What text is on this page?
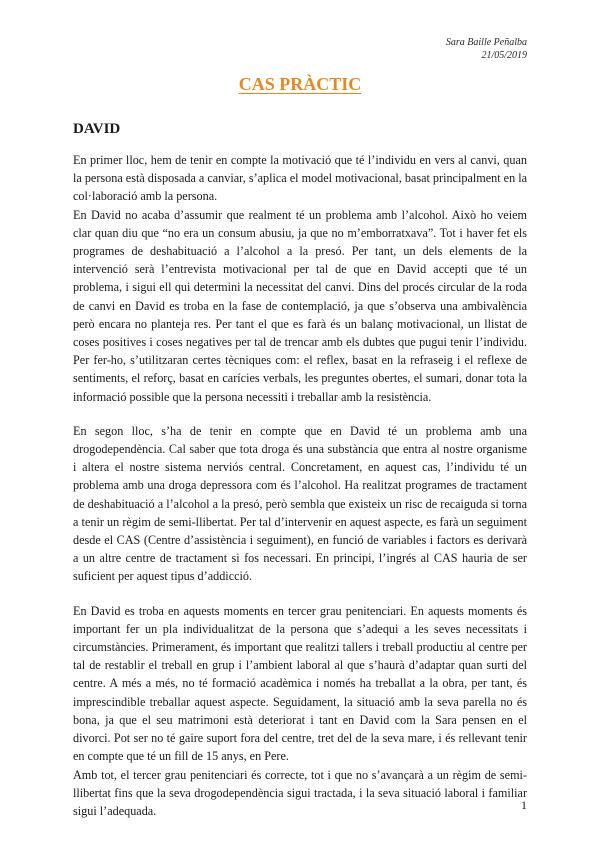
Sara Baille Peñalba
21/05/2019
CAS PRÀCTIC
DAVID

En primer lloc, hem de tenir en compte la motivació que té l’individu en vers al canvi, quan la persona està disposada a canviar, s’aplica el model motivacional, basat principalment en la col·laboració amb la persona.

En David no acaba d’assumir que realment té un problema amb l’alcohol. Això ho veiem clar quan diu que “no era un consum abusiu, ja que no m’emborratxava”. Tot i haver fet els programes de deshabituació a l’alcohol a la presó. Per tant, un dels elements de la intervenció serà l’entrevista motivacional per tal de que en David accepti que té un problema, i sigui ell qui determini la necessitat del canvi. Dins del procés circular de la roda de canvi en David es troba en la fase de contemplació, ja que s’observa una ambivalència però encara no planteja res. Per tant el que es farà és un balanç motivacional, un llistat de coses positives i coses negatives per tal de trencar amb els dubtes que pugui tenir l’individu. Per fer-ho, s’utilitzaran certes tècniques com: el reflex, basat en la refraseig i el reflexe de sentiments, el reforç, basat en carícies verbals, les preguntes obertes, el sumari, donar tota la informació possible que la persona necessiti i treballar amb la resistència.

En segon lloc, s’ha de tenir en compte que en David té un problema amb una drogodependència. Cal saber que tota droga és una substància que entra al nostre organisme i altera el nostre sistema nerviós central. Concretament, en aquest cas, l’individu té un problema amb una droga depressora com és l’alcohol. Ha realitzat programes de tractament de deshabituació a l’alcohol a la presó, però sembla que existeix un risc de recaiguda si torna a tenir un règim de semi-llibertat. Per tal d’intervenir en aquest aspecte, es farà un seguiment desde el CAS (Centre d’assistència i seguiment), en funció de variables i factors es derivarà a un altre centre de tractament si fos necessari. En principi, l’ingrés al CAS hauria de ser suficient per aquest tipus d’addicció.

En David es troba en aquests moments en tercer grau penitenciari. En aquests moments és important fer un pla individualitzat de la persona que s’adequi a les seves necessitats i circumstàncies. Primerament, és important que realitzi tallers i treball productiu al centre per tal de restablir el treball en grup i l’ambient laboral al que s’haurà d’adaptar quan surti del centre. A més a més, no té formació acadèmica i només ha treballat a la obra, per tant, és imprescindible treballar aquest aspecte. Seguidament, la situació amb la seva parella no és bona, ja que el seu matrimoni està deteriorat i tant en David com la Sara pensen en el divorci. Pot ser no té gaire suport fora del centre, tret del de la seva mare, i és rellevant tenir en compte que té un fill de 15 anys, en Pere.

Amb tot, el tercer grau penitenciari és correcte, tot i que no s’avançarà a un règim de semi-llibertat fins que la seva drogodependència sigui tractada, i la seva situació laboral i familiar sigui l’adequada.	1
